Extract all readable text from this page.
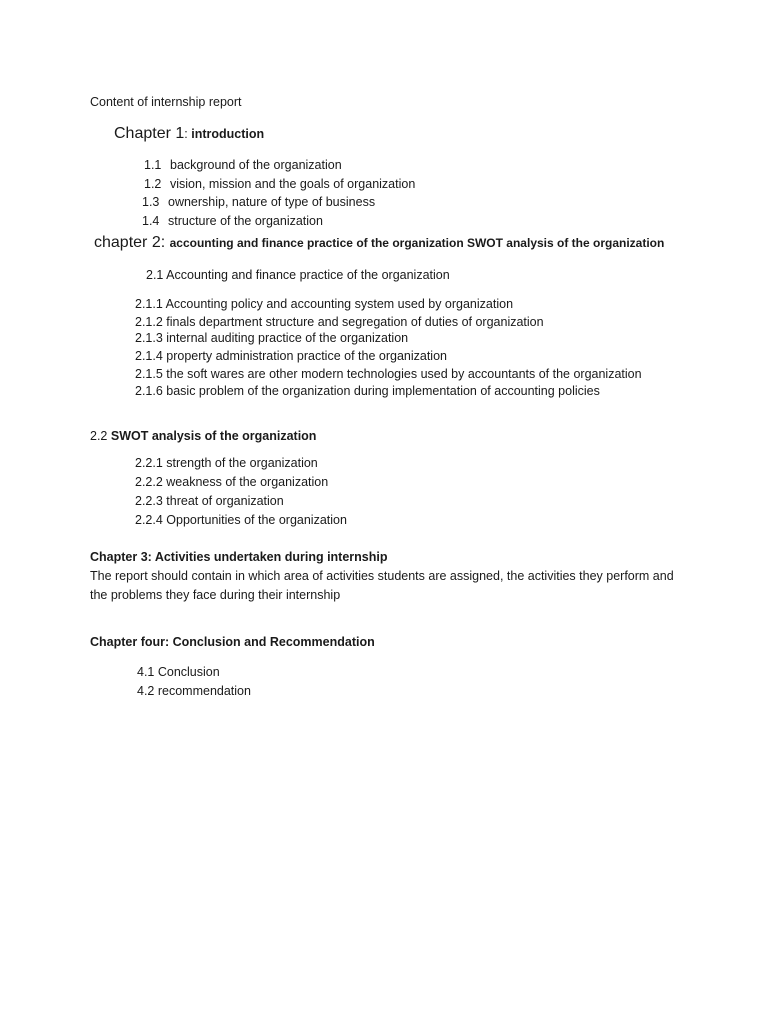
Content of internship report
Chapter 1: introduction
1.1 background of the organization
1.2 vision, mission and the goals of organization
1.3 ownership, nature of type of business
1.4 structure of the organization
chapter 2: accounting and finance practice of the organization SWOT analysis of the organization
2.1 Accounting and finance practice of the organization
2.1.1 Accounting policy and accounting system used by organization
2.1.2 finals department structure and segregation of duties of organization
2.1.3 internal auditing practice of the organization
2.1.4 property administration practice of the organization
2.1.5 the soft wares are other modern technologies used by accountants of the organization
2.1.6 basic problem of the organization during implementation of accounting policies
2.2 SWOT analysis of the organization
2.2.1 strength of the organization
2.2.2 weakness of the organization
2.2.3 threat of organization
2.2.4 Opportunities of the organization
Chapter 3: Activities undertaken during internship
The report should contain in which area of activities students are assigned, the activities they perform and the problems they face during their internship
Chapter four: Conclusion and Recommendation
4.1 Conclusion
4.2 recommendation
